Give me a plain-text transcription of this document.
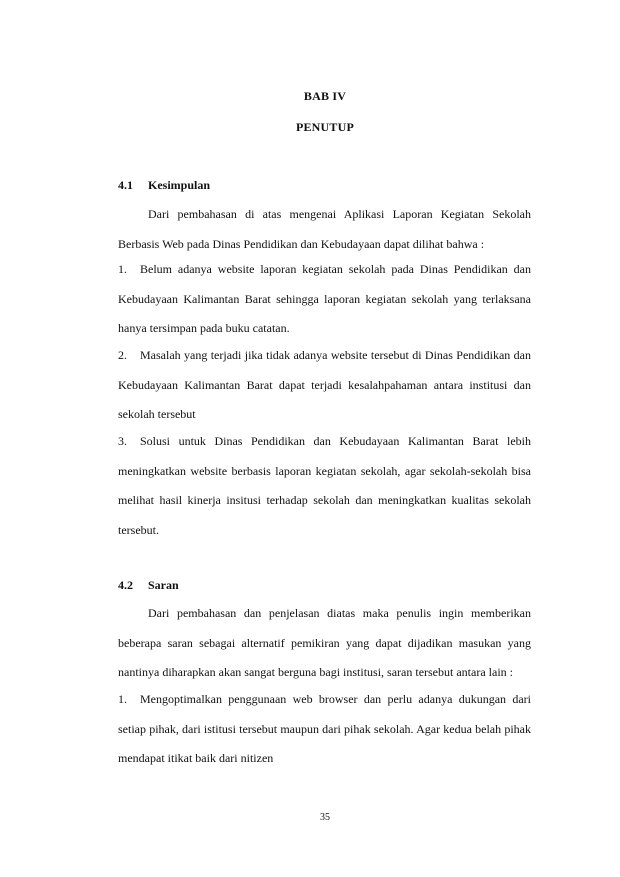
BAB IV
PENUTUP
4.1 Kesimpulan

Dari pembahasan di atas mengenai Aplikasi Laporan Kegiatan Sekolah Berbasis Web pada Dinas Pendidikan dan Kebudayaan dapat dilihat bahwa :

1. Belum adanya website laporan kegiatan sekolah pada Dinas Pendidikan dan Kebudayaan Kalimantan Barat sehingga laporan kegiatan sekolah yang terlaksana hanya tersimpan pada buku catatan.

2. Masalah yang terjadi jika tidak adanya website tersebut di Dinas Pendidikan dan Kebudayaan Kalimantan Barat dapat terjadi kesalahpahaman antara institusi dan sekolah tersebut

3. Solusi untuk Dinas Pendidikan dan Kebudayaan Kalimantan Barat lebih meningkatkan website berbasis laporan kegiatan sekolah, agar sekolah-sekolah bisa melihat hasil kinerja insitusi terhadap sekolah dan meningkatkan kualitas sekolah tersebut.

4.2 Saran

Dari pembahasan dan penjelasan diatas maka penulis ingin memberikan beberapa saran sebagai alternatif pemikiran yang dapat dijadikan masukan yang nantinya diharapkan akan sangat berguna bagi institusi, saran tersebut antara lain :

1. Mengoptimalkan penggunaan web browser dan perlu adanya dukungan dari setiap pihak, dari istitusi tersebut maupun dari pihak sekolah. Agar kedua belah pihak mendapat itikat baik dari nitizen

35
